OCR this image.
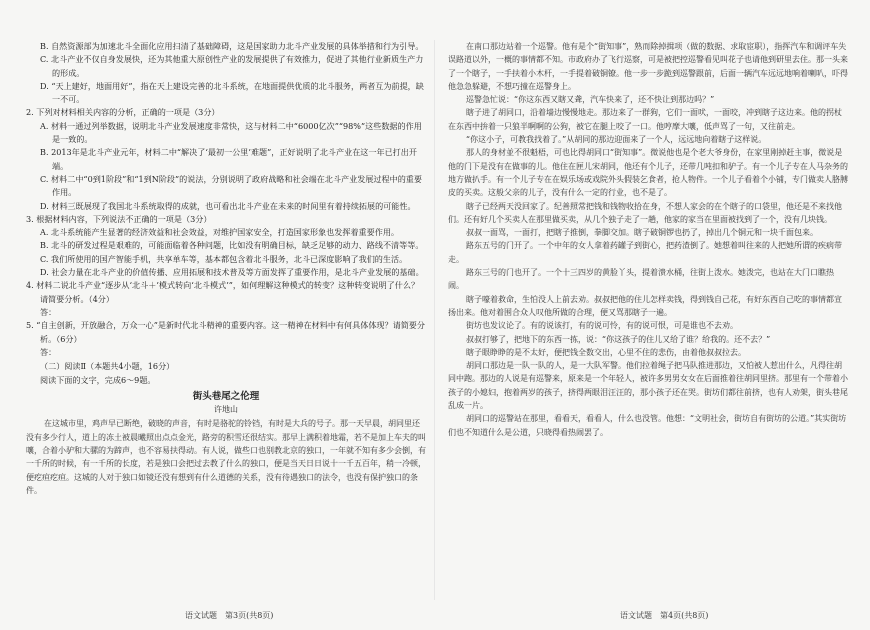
B. 自然资源部为加速北斗全面化应用扫清了基础障碍，这是国家助力北斗产业发展的具体举措和行为引导。

C. 北斗产业不仅自身发展快，还为其他重大原创性产业的发展提供了有效推力，促进了其他行业新质生产力的形成。

D. “天上建好，地面用好”，指在天上建设完善的北斗系统，在地面提供优质的北斗服务，两者互为前提，缺一不可。

2. 下列对材料相关内容的分析，正确的一项是（3分）

A. 材料一通过列举数据，说明北斗产业发展速度非常快，这与材料二中“6000亿次”“98%”这些数据的作用是一致的。

B. 2013年是北斗产业元年，材料二中“解决了‘最初一公里’难题”，正好说明了北斗产业在这一年已打出开端。

C. 材料二中“0到1阶段”和“1到N阶段”的说法，分别说明了政府战略和社会端在北斗产业发展过程中的重要作用。

D. 材料三既展现了我国北斗系统取得的成就，也可看出北斗产业在未来的时间里有着持续拓展的可能性。

3. 根据材料内容，下列说法不正确的一项是（3分）

A. 北斗系统能产生显著的经济效益和社会效益，对维护国家安全，打造国家形象也发挥着重要作用。

B. 北斗的研发过程是艰难的，可能面临着各种问题，比如没有明确目标，缺乏足够的动力、路线不清等等。

C. 我们所使用的国产智能手机，共享单车等，基本都包含着北斗服务，北斗已深度影响了我们的生活。

D. 社会力量在北斗产业的价值传播、应用拓展和技术普及等方面发挥了重要作用，是北斗产业发展的基础。

4. 材料二说北斗产业“逐步从‘北斗＋’模式转向‘北斗模式’”，如何理解这种模式的转变？这种转变说明了什么？请简要分析。（4分）

答：

5. “自主创新，开放融合，万众一心”是新时代北斗精神的重要内容。这一精神在材料中有何具体体现？请简要分析。（6分）

答：

（二）阅读Ⅱ（本题共4小题，16分）

阅读下面的文字，完成6～9题。

街头巷尾之伦理

许地山

在这城市里，鸡声早已断绝，破晓的声音，有时是骆驼的铃铛，有时是大兵的号子。那一天早晨，胡同里还没有多少行人，道上的冻土被晨曦照出点点金光，路旁的积雪还很结实。那早上满积着地霜，若不是加上车夫的叫嚷，合着小驴和大骡的为蹄声，也不容易扶得动。有人说，做些口也别教北京的独口，一年就不知有多少会倒，有一千所的时候，有一千所的长度，若是独口会把过去教了什么的独口，便是当天日日说十一千五百年，稍一冷顿，便疙疸疙疸。这城的人对于独口如镜还没有想到有什么道德的关系，没有待遇独口的法令，也没有保护独口的条件。

在南口那边站着一个巡警。他有是个“街知事”，熟而除掉揖项（做的数据、求取宦职），指挥汽车和调评车失误路道以外，一概的事情都不知。市政府办了飞行巡察，可是被把控巡警看见叫花子也请他到研里去住。那一头来了一个瞎子，一手扶着小木杆，一手提着破铜镣。他一步一步跪到巡警跟前，后面一辆汽车远远地响着喇叭，吓得他急急躲避，不想巧撞在巡警身上。

巡警急忙说：“你这东西又瞎又聋，汽车快来了，还不快让到那边吗？”

瞎子进了胡同口，沿着墙边慢慢地走。那边来了一群狗，它们一面吠，一面咬，冲到瞎子这边来。他的拐杖在东西中拚着一只狼半啊啊的公狗，被它在腿上咬了一口。他哼摩大嚷，低声骂了一句，又往前走。

“你这小子，可教我找着了。”从胡同的那边迎面来了一个人，远远地向着瞎子这样说。

那人的身材並不很魁梧，可也比得胡同口“街知事”。微说他也是个老大爷身份，在家里刚掉赶主事，微说是他的门下是没有在做事的儿。他住在匣儿宋胡同，他还有个儿子，还带几吨扣和驴子。有一个儿子专在人马杂务的地方做扒手。有一个儿子专在在娱乐场或戏院外头假装乞食者，抢人物件。一个儿子看着个小铺，专门做卖人胳膊皮的买卖。这般父亲的儿子，没有什么一定的行业，也不是了。

瞎子已经两天没回家了。纪善照常把钱和钱物收拾在身，不想人家会的在个瞎子的口袋里，他还是不来找他们。还有好几个买卖人在那里做买卖，从几个独子走了一趟，他家的家当在里面被找到了一个，没有几块钱。

叔叔一面骂，一面打，把瞎子推倒，拳脚交加。瞎子破铜锣也扔了，掉出几个铜元和一块千面包来。

路东五号的门开了。一个中年的女人拿着药罐子到街心，把药渣倒了。她想着叫往来的人把她所谓的疾病带走。

路东三号的门也开了。一个十三四岁的黄脸丫头，提着溃水桶，往街上泼水。她泼完，也站在大门口瞧热闹。

瞎子嚎着救命，生怕没人上前去劝。叔叔把他的住儿怎样卖钱，得到钱自己花，有好东西自己吃的事情都宣扬出来。他对着围合众人叹他所做的合理，便又骂那瞎子一遍。

街坊也发议论了。有的说该打，有的说可怜，有的说可恨，可是谁也不去劝。

叔叔打够了，把地下的东西一拣，说：“你这孩子的住儿又给了谁？给我的。还不去？”

瞎子眼睁睁的是不太好，便把钱全数交出，心里不住的悲伤，由着他叔叔拉去。

胡同口那边是一队一队的人，是一大队军警。他们拉着绳子把马队推进那边，又怕被人惹出什么，凡得往胡同中跑。那边的人说是有巡警来，原来是一个年轻人，被许多男男女女在后面推着往胡同里挤。那里有一个带着小孩子的小媳妇，抱着两岁的孩子，挤得两眼泪汪汪的，那小孩子还在哭。街坊们都往前挤，也有人劝架，街头巷尾乱成一片。

胡同口的巡警站在那里，看看天，看看人，什么也没管。他想：“文明社会，街坊自有街坊的公道。”其实街坊们也不知道什么是公道，只晓得看热闹罢了。

语文试题　第3页(共8页)	语文试题　第4页(共8页)
